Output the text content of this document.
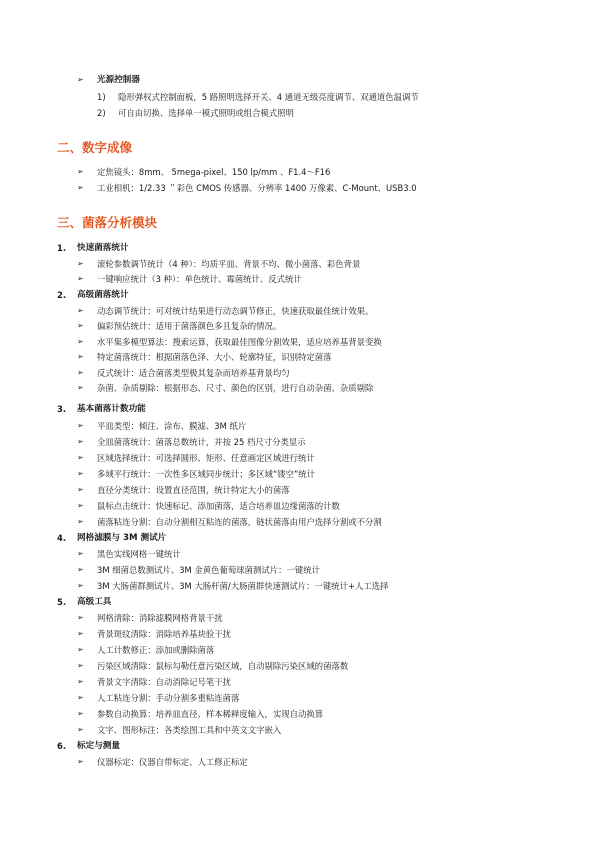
➢ 光源控制器
1) 隐形弹权式控制面板，5 路照明选择开关、4 通道无级亮度调节、双通道色温调节
2) 可自由切换、选择单一模式照明或组合模式照明
二、数字成像
➢ 定焦镜头：8mm、 5mega-pixel、150 lp/mm 、F1.4～F16
➢ 工业相机：1/2.33 ＂彩色 CMOS 传感器、分辨率 1400 万像素、C-Mount、USB3.0
三、菌落分析模块
1. 快速菌落统计
➢ 滚轮参数调节统计（4 种）：均质平皿、背景不均、微小菌落、彩色背景
➢ 一键响应统计（3 种）：单色统计、霉菌统计、反式统计
2. 高级菌落统计
➢ 动态调节统计：可对统计结果进行动态调节修正，快速获取最佳统计效果。
➢ 偏彩预估统计：适用于菌落颜色多且复杂的情况。
➢ 水平集多模型算法：搜索运算，获取最佳图像分割效果，适应培养基背景变换
➢ 特定菌落统计：根据菌落色泽、大小、轮廓特征，识别特定菌落
➢ 反式统计：适合菌落类型极其复杂而培养基背景均匀
➢ 杂菌、杂质剔除：根据形态、尺寸、颜色的区别，进行自动杂菌、杂质剔除
3. 基本菌落计数功能
➢ 平皿类型：倾注、涂布、膜滤、3M 纸片
➢ 全皿菌落统计：菌落总数统计，并按 25 档尺寸分类显示
➢ 区域选择统计：可选择圆形、矩形、任意画定区域进行统计
➢ 多域平行统计：一次性多区域同步统计；多区域“镂空”统计
➢ 直径分类统计：设置直径范围，统计特定大小的菌落
➢ 鼠标点击统计：快速标记、添加菌落，适合培养皿边缘菌落的计数
➢ 菌落粘连分割：自动分割相互粘连的菌落，链状菌落由用户选择分割或不分割
4. 网格滤膜与 3M 测试片
➢ 黑色实线网格一键统计
➢ 3M 细菌总数测试片、3M 金黄色葡萄球菌测试片：一键统计
➢ 3M 大肠菌群测试片、3M 大肠杆菌/大肠菌群快速测试片：一键统计+人工选择
5. 高级工具
➢ 网格清除：消除滤膜网格背景干扰
➢ 背景斑纹清除：消除培养基块验干扰
➢ 人工计数修正：添加或删除菌落
➢ 污染区域清除：鼠标勾勒任意污染区域，自动剔除污染区域的菌落数
➢ 背景文字清除：自动消除记号笔干扰
➢ 人工粘连分割：手动分割多重粘连菌落
➢ 参数自动换算：培养皿直径、样本稀释度输入，实现自动换算
➢ 文字、图形标注：各类绘图工具和中英文文字嵌入
6. 标定与测量
➢ 仪器标定：仪器自带标定、人工修正标定
